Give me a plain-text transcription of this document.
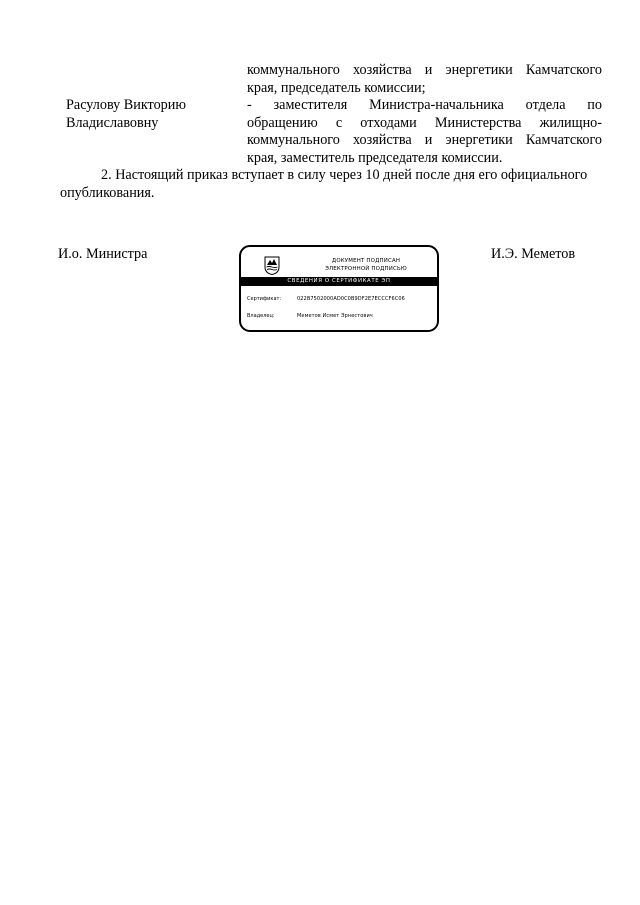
коммунального хозяйства и энергетики Камчатского
края, председатель комиссии;
Расулову Викторию
Владиславовну
- заместителя Министра-начальника отдела по
обращению с отходами Министерства жилищно-
коммунального хозяйства и энергетики Камчатского
края, заместитель председателя комиссии.
2. Настоящий приказ вступает в силу через 10 дней после дня его официального
опубликования.
И.о. Министра	И.Э. Меметов
ДОКУМЕНТ ПОДПИСАН
ЭЛЕКТРОННОЙ ПОДПИСЬЮ
СВЕДЕНИЯ О СЕРТИФИКАТЕ ЭП
Сертификат:	022B7502000AD0C0B9DF2E7ECCCF6C06
Владелец:	Меметов Исмет Эрнестович
